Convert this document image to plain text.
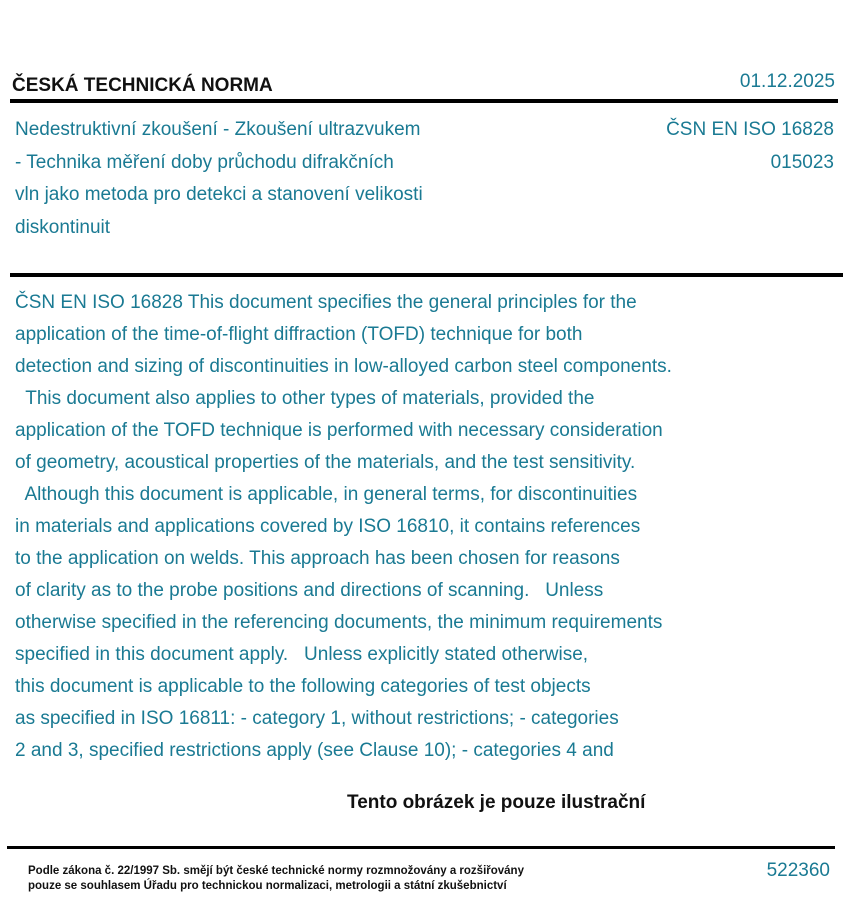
ČESKÁ TECHNICKÁ NORMA	01.12.2025
Nedestruktivní zkoušení - Zkoušení ultrazvukem
- Technika měření doby průchodu difrakčních
vln jako metoda pro detekci a stanovení velikosti
diskontinuit
ČSN EN ISO 16828
015023
ČSN EN ISO 16828 This document specifies the general principles for the
application of the time-of-flight diffraction (TOFD) technique for both
detection and sizing of discontinuities in low-alloyed carbon steel components.
This document also applies to other types of materials, provided the
application of the TOFD technique is performed with necessary consideration
of geometry, acoustical properties of the materials, and the test sensitivity.
Although this document is applicable, in general terms, for discontinuities
in materials and applications covered by ISO 16810, it contains references
to the application on welds. This approach has been chosen for reasons
of clarity as to the probe positions and directions of scanning.   Unless
otherwise specified in the referencing documents, the minimum requirements
specified in this document apply.   Unless explicitly stated otherwise,
this document is applicable to the following categories of test objects
as specified in ISO 16811: - category 1, without restrictions; - categories
2 and 3, specified restrictions apply (see Clause 10); - categories 4 and
Tento obrázek je pouze ilustrační
Podle zákona č. 22/1997 Sb. smějí být české technické normy rozmnožovány a rozšiřovány
pouze se souhlasem Úřadu pro technickou normalizaci, metrologii a státní zkušebnictví
522360
